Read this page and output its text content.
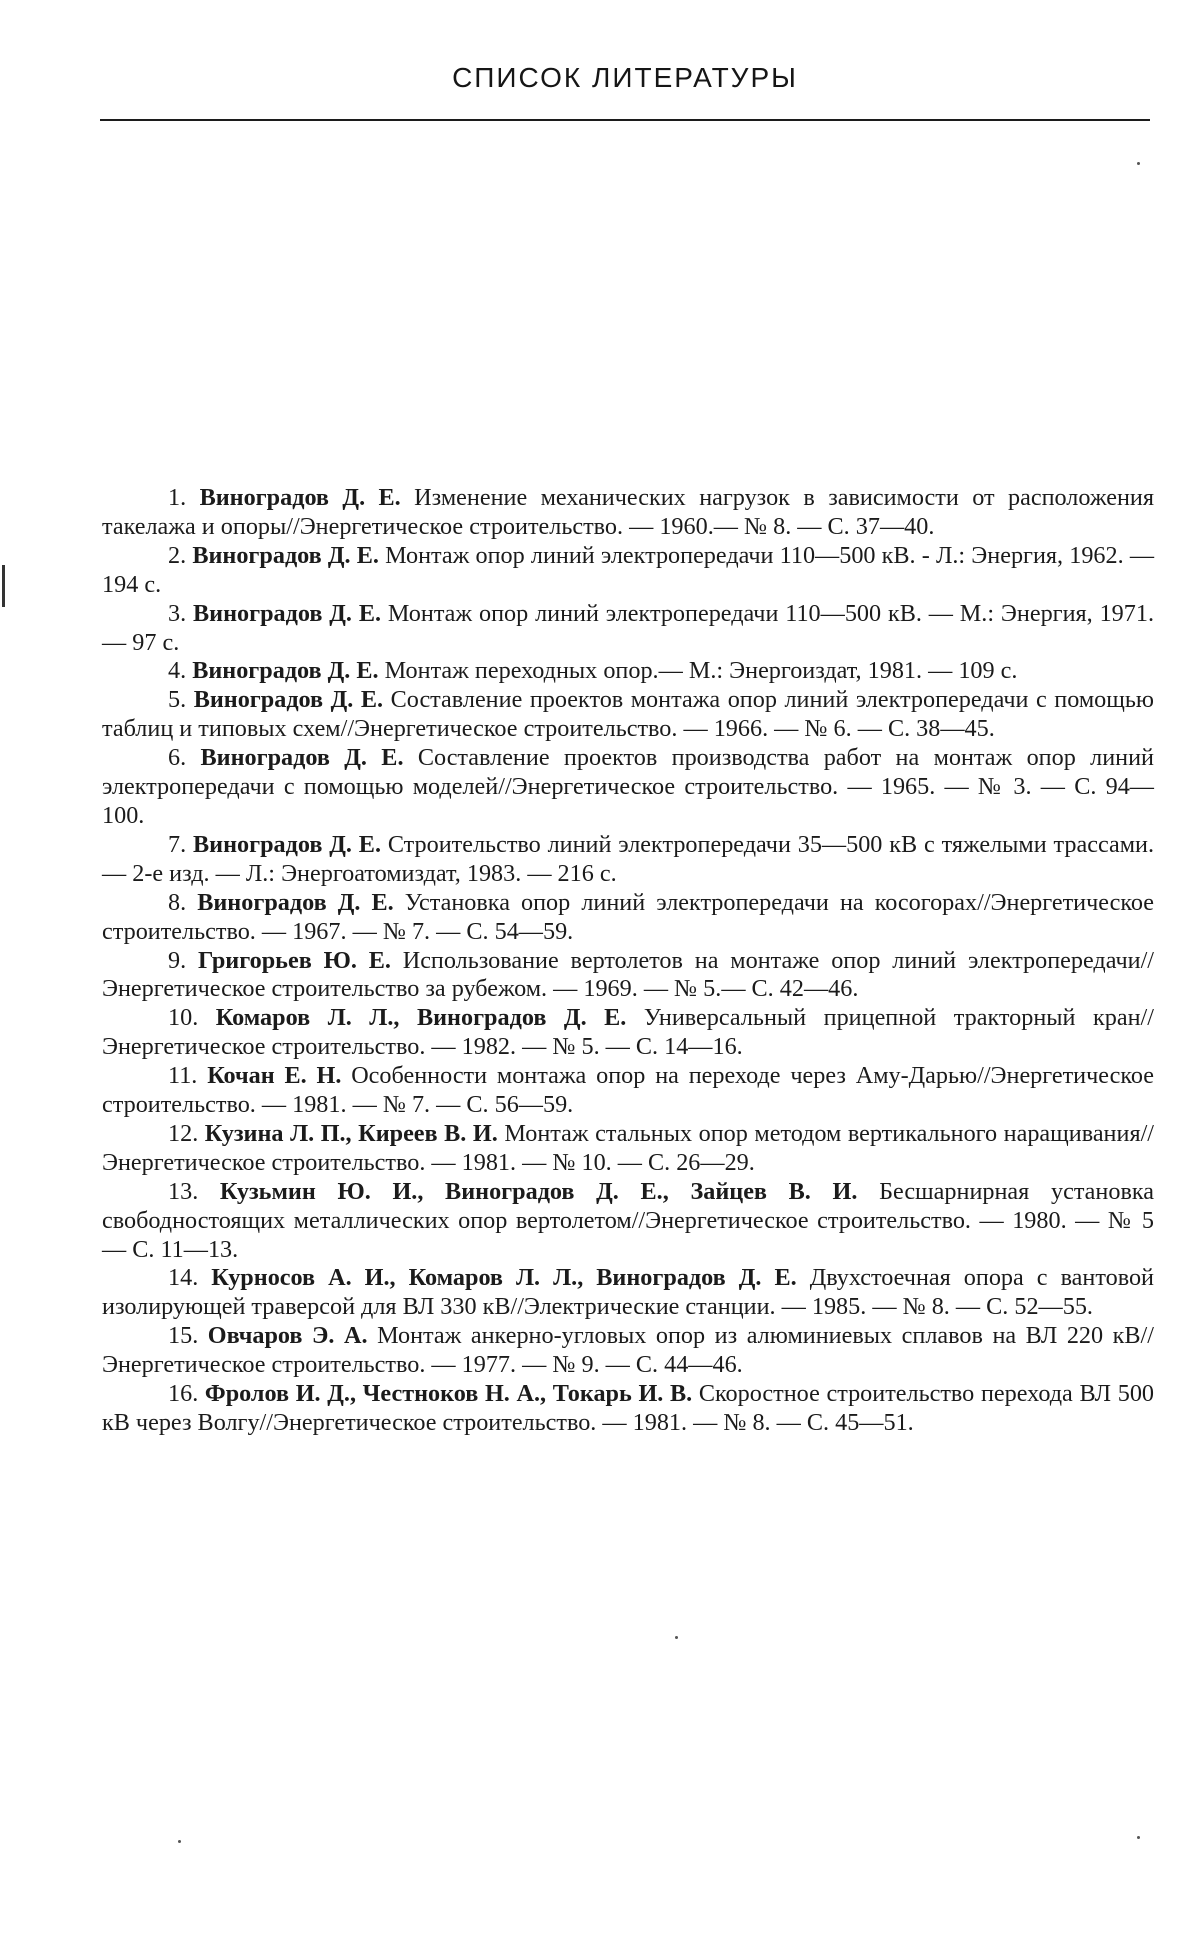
СПИСОК ЛИТЕРАТУРЫ
1. Виноградов Д. Е. Изменение механических нагрузок в зависимости от расположения такелажа и опоры//Энергетическое строительство. — 1960.— № 8. — С. 37—40.
2. Виноградов Д. Е. Монтаж опор линий электропередачи 110—500 кВ. - Л.: Энергия, 1962. — 194 с.
3. Виноградов Д. Е. Монтаж опор линий электропередачи 110—500 кВ. — М.: Энергия, 1971. — 97 с.
4. Виноградов Д. Е. Монтаж переходных опор.— М.: Энергоиздат, 1981. — 109 с.
5. Виноградов Д. Е. Составление проектов монтажа опор линий электропередачи с помощью таблиц и типовых схем//Энергетическое строительство. — 1966. — № 6. — С. 38—45.
6. Виноградов Д. Е. Составление проектов производства работ на монтаж опор линий электропередачи с помощью моделей//Энергетическое строительство. — 1965. — № 3. — С. 94—100.
7. Виноградов Д. Е. Строительство линий электропередачи 35—500 кВ с тяжелыми трассами. — 2-е изд. — Л.: Энергоатомиздат, 1983. — 216 с.
8. Виноградов Д. Е. Установка опор линий электропередачи на косогорах//Энергетическое строительство. — 1967. — № 7. — С. 54—59.
9. Григорьев Ю. Е. Использование вертолетов на монтаже опор линий электропередачи//Энергетическое строительство за рубежом. — 1969. — № 5.— С. 42—46.
10. Комаров Л. Л., Виноградов Д. Е. Универсальный прицепной тракторный кран//Энергетическое строительство. — 1982. — № 5. — С. 14—16.
11. Кочан Е. Н. Особенности монтажа опор на переходе через Аму-Дарью//Энергетическое строительство. — 1981. — № 7. — С. 56—59.
12. Кузина Л. П., Киреев В. И. Монтаж стальных опор методом вертикального наращивания//Энергетическое строительство. — 1981. — № 10. — С. 26—29.
13. Кузьмин Ю. И., Виноградов Д. Е., Зайцев В. И. Бесшарнирная установка свободностоящих металлических опор вертолетом//Энергетическое строительство. — 1980. — № 5 — С. 11—13.
14. Курносов А. И., Комаров Л. Л., Виноградов Д. Е. Двухстоечная опора с вантовой изолирующей траверсой для ВЛ 330 кВ//Электрические станции. — 1985. — № 8. — С. 52—55.
15. Овчаров Э. А. Монтаж анкерно-угловых опор из алюминиевых сплавов на ВЛ 220 кВ//Энергетическое строительство. — 1977. — № 9. — С. 44—46.
16. Фролов И. Д., Честноков Н. А., Токарь И. В. Скоростное строительство перехода ВЛ 500 кВ через Волгу//Энергетическое строительство. — 1981. — № 8. — С. 45—51.
